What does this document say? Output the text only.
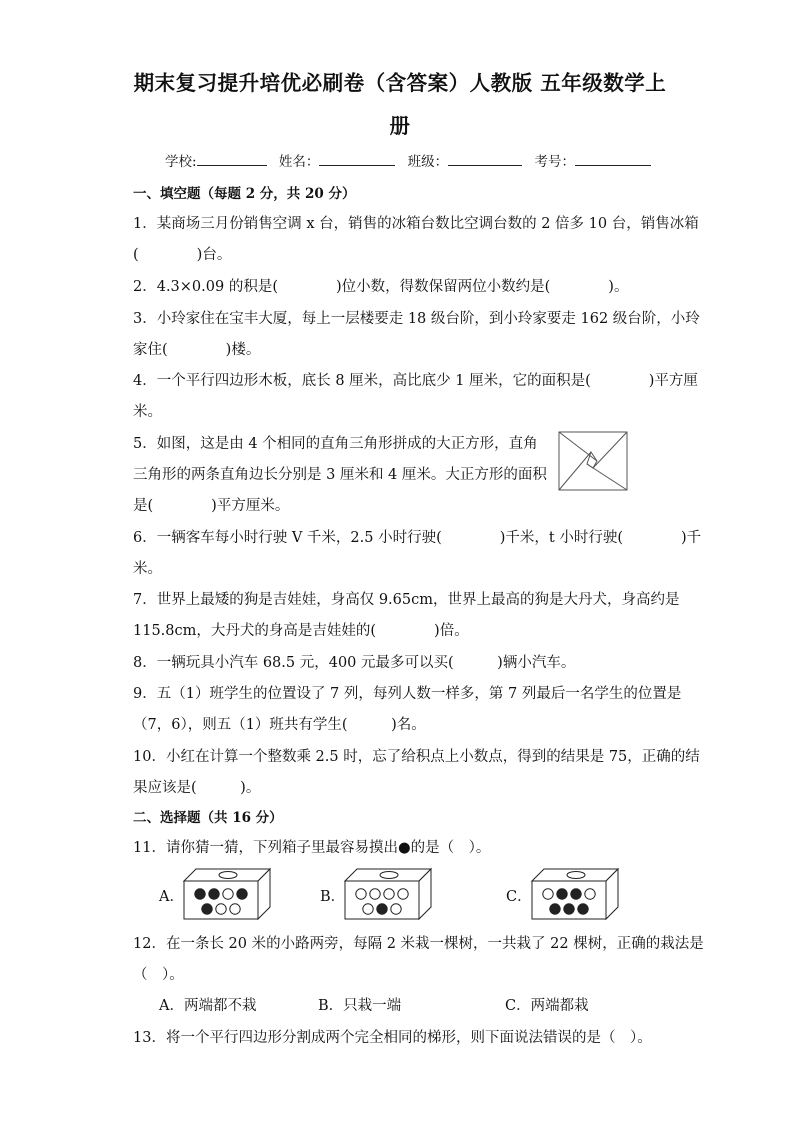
期末复习提升培优必刷卷（含答案）人教版 五年级数学上
册
学校:	姓名：	班级：	考号：
一、填空题（每题 2 分，共 20 分）
1．某商场三月份销售空调 x 台，销售的冰箱台数比空调台数的 2 倍多 10 台，销售冰箱
(　　　　)台。
2．4.3×0.09 的积是(　　　　)位小数，得数保留两位小数约是(　　　　)。
3．小玲家住在宝丰大厦，每上一层楼要走 18 级台阶，到小玲家要走 162 级台阶，小玲
家住(　　　　)楼。
4．一个平行四边形木板，底长 8 厘米，高比底少 1 厘米，它的面积是(　　　　)平方厘
米。
5．如图，这是由 4 个相同的直角三角形拼成的大正方形，直角
三角形的两条直角边长分别是 3 厘米和 4 厘米。大正方形的面积
是(　　　　)平方厘米。
6．一辆客车每小时行驶 V 千米，2.5 小时行驶(　　　　)千米，t 小时行驶(　　　　)千
米。
7．世界上最矮的狗是吉娃娃，身高仅 9.65cm，世界上最高的狗是大丹犬，身高约是
115.8cm，大丹犬的身高是吉娃娃的(　　　　)倍。
8．一辆玩具小汽车 68.5 元，400 元最多可以买(　　　)辆小汽车。
9．五（1）班学生的位置设了 7 列，每列人数一样多，第 7 列最后一名学生的位置是
（7，6），则五（1）班共有学生(　　　)名。
10．小红在计算一个整数乘 2.5 时，忘了给积点上小数点，得到的结果是 75，正确的结
果应该是(　　　)。
二、选择题（共 16 分）
11．请你猜一猜，下列箱子里最容易摸出●的是（　）。
A．	B．	C．
12．在一条长 20 米的小路两旁，每隔 2 米栽一棵树，一共栽了 22 棵树，正确的栽法是
（　）。
A．两端都不栽	B．只栽一端	C．两端都栽
13．将一个平行四边形分割成两个完全相同的梯形，则下面说法错误的是（　）。
